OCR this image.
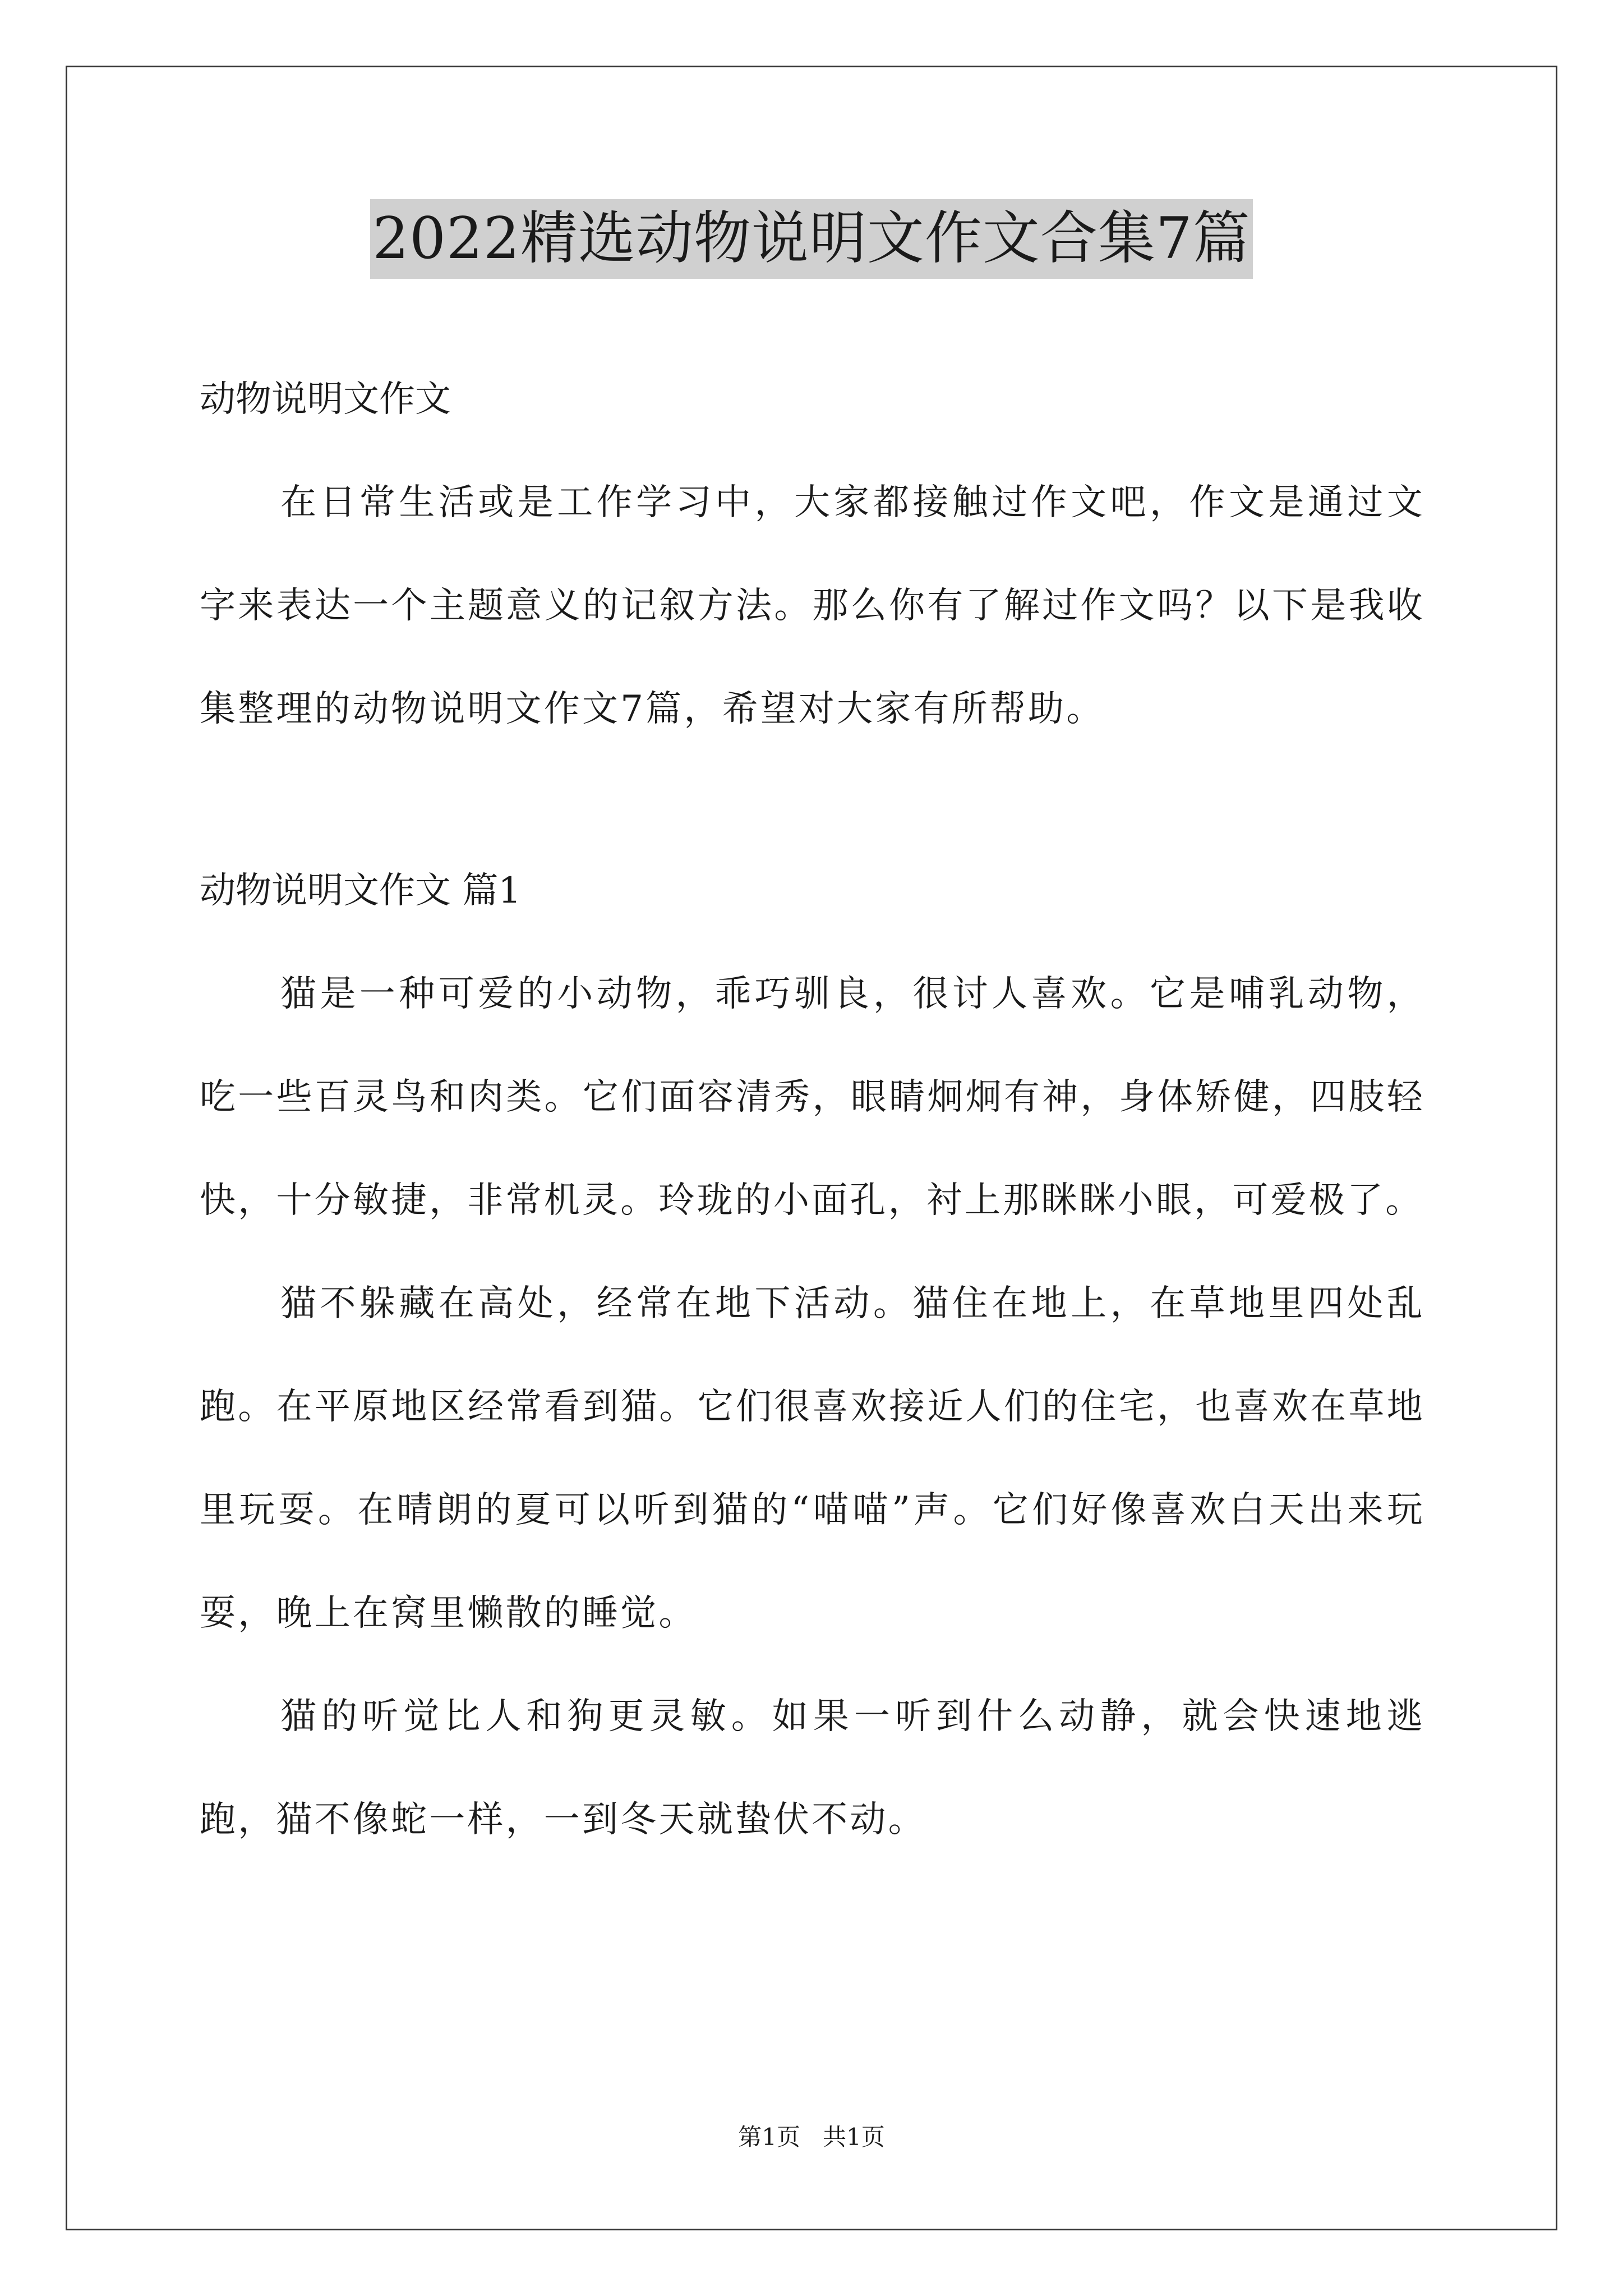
2022精选动物说明文作文合集7篇

动物说明文作文

在日常生活或是工作学习中，大家都接触过作文吧，作文是通过文字来表达一个主题意义的记叙方法。那么你有了解过作文吗？以下是我收集整理的动物说明文作文7篇，希望对大家有所帮助。

动物说明文作文 篇1

猫是一种可爱的小动物，乖巧驯良，很讨人喜欢。它是哺乳动物，吃一些百灵鸟和肉类。它们面容清秀，眼睛炯炯有神，身体矫健，四肢轻快，十分敏捷，非常机灵。玲珑的小面孔，衬上那眯眯小眼，可爱极了。

猫不躲藏在高处，经常在地下活动。猫住在地上，在草地里四处乱跑。在平原地区经常看到猫。它们很喜欢接近人们的住宅，也喜欢在草地里玩耍。在晴朗的夏可以听到猫的“喵喵”声。它们好像喜欢白天出来玩耍，晚上在窝里懒散的睡觉。

猫的听觉比人和狗更灵敏。如果一听到什么动静，就会快速地逃跑，猫不像蛇一样，一到冬天就蛰伏不动。

第1页   共1页
